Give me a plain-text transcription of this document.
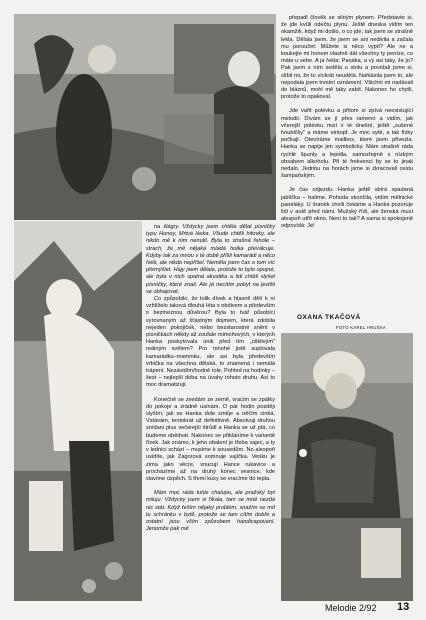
přepadl člověk se silným plynem. Představte si, že jde kvůli odečtu plynu. Ještě dneska vidím ten okamžik, když mi došlo, o co jde, tak jsem se strašně lekla. Dělala jsem, že jsem se ani nedivila a začala mu poroučet: Můžete si něco vypít? Ale ne a koukejte mi honem vlastně dát všechny ty peníze, co máte u sebe. A ja řekla: Panáka, a vy asi taky, že jo? Pak jsem s ním seděla u stolu a povídali jsme si, slíbil mi, že to víckrát neudělá. Nahlásila jsem to, ale nepodala jsem trestní oznámení. Všichni mi nadávali do bláznů, mohl mě taky zabít. Nakonec ho chytli, protože to opakoval.

Jde vařit polévku a přitom si zpívá neexistující melodii. Dívám se jí přes rameno a vidím, jak včerejší polévku mizí v té dnešní, ještě „sušené houbičky" a máme eintopf. Je moc syté, a tak fízky počkají. Otevíráme mailbox, které jsem přivezla. Hanka se napije jen symbolicky. Mám strašně ráda rychlé špunty a lepidla, samozřejmě s nízkým obsahem alkoholu. Při té frekvenci by se to jinak nedalo. Jednou na horách jsme si zkracovali cestu šampaňským.

Je čas odjezdu. Hanka ještě sbírá spadaná jablíčka – balíme. Pohoda skončila, vidím mělnické paneláky. U šranék chvíli čekáme a Hanka pozoruje lidi v autě před námi. Mužský řídí, ale ženská musí alespoň utřít okno. Není to tak? A sama si spokojeně odpovídá: Je!

OXANA TKAČOVÁ
FOTO KAREL HRUŠKA

na šlágry. Vždycky jsem chtěla dělat písničky typu Honey, Mrtvá láska. Všude chtěli hitovky, ale nikdo mě k nim nenutil. Byla to strašná řehole – strach, že mě nějaká mladá holka převálcuje. Kdyby tak za mnou v té době přišli kamarádi a něco řekli, ale nikdo nepřišel. Neměla jsem čas o tom víc přemýšlet. Hajy jsem dělala, protože to bylo opojné, ale byla v nich spatná akustika a lidi chtěli slyšet písničky, které znali. Ale já necítím pobyt na jevišti se obhajovat.

Co způsobilo, že tolik dívek a hlavně dětí k ní vzhlíželo taková dlouhá léta s obdivem a především s bezmeznou důvěrou? Byla to tvář působící vyrovnaným až šťastným dojmem, která zdobila nejeden pokojíček, nebo bezstarostné snění v písničkách někdy až zoufale mimoňových, v kterých Hanka poskytovala únik před tím „ošklivým" reálným světem? Pro mnohé jistě suplovala kamarádku–maminku, ale asi byla především vrbička na všechna dětská, to znamená i nemálá trápení. Nezávidím/hodně role. Pohled na hodinky – šest – nejlepší doba na úvahy tohoto druhu. Asi to moc dramatizuji.

Konečně se zvedám ze země, vracím se zpátky do pokoje a zrádně usínám. O pár hodin později slyším, jak se Hanka dole směje a něčím cinká. Vstávám, tentokrát už definitivně. Absolvuji druhou snídani plus večerejší štrůdl a Hanka se už ptá, co budeme obědvat. Nakonec se přikláníme k variantě řízek. Jak známo, k jeho obalení je třeba vajec, a ty v lednici schází – musíme k sousedům. No alespoň uvidíte, jak Zagorová somnuje vajíčka. Venku je zima jako věcre, vnucují Hance rukavice a procházíme až na druhý konec vesnice, kde slavíme úspěch. S třemi kusy se vracíme do tepla.

Mám moc ráda tuhle chalupu, ale pražský byt miluju. Vždycky jsem si říkala, tam se mně nezdá nic stát. Když řeším nějaký problém, snažím se mít tu schránku v bytě, protože se tam cítím dobře a ostatní jsou vším způsobem handicapovaní. Jenomže pak mě

Melodie 2/92 13
